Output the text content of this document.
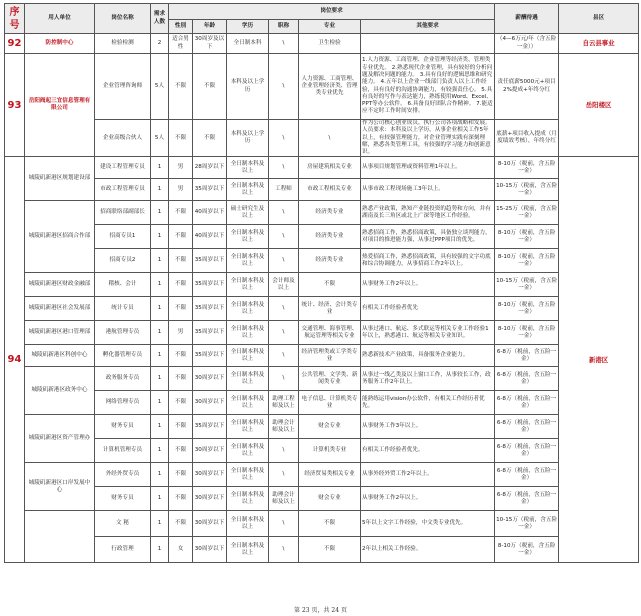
序号	用人单位	岗位名称	需求人数	岗位要求						薪酬待遇	县区
				性别	年龄	学历	职称	专业	其他要求		
92	防控制中心	检验检测	2	适合男性	30周岁及以下	全日制本科	\	卫生检验		（4—6万元/年（含五险一金））	自云县事业
93	岳阳阀起三宜信息管理有限公司	企业管理咨询师	5人	不限	不限	本科及以上学历	\	人力资源、工商管理、企业管理经济类、管理类专业优先	1.人力资源、工商管理、企业管理等经济类、管理类专业优先。 2.熟悉现代企业管理，具有较好的分析问题及解决问题的能力。 3.具有良好的逻辑思维和研究能力。 4.五年以上企业一线部门负责人以上工作经验，具有良好的沟通协调能力，有较强责任心。 5.具有良好的写作与表达能力，熟练使用Word、Excel、PPT等办公软件。 6.具备良好团队合作精神。 7.能适应不定时工作时间安排。	责任底薪5000元+项目2%提成+年终分红	岳阳楼区
		企业高级合伙人	5人	不限	不限	本科及以上学历	\	\	作为公司核心创业成员，执行公司各项战略和发展。人员要求：本科及以上学历，从事企业相关工作5年以上，有较强管理能力，对企业管理实践有深刻理解，熟悉各类管理工具，有较强的学习能力和创新意识。	底薪+项目收入提成（月度绩效考核），年终分红	
94	城陵矶新港区规划建设部	建设工程管理专员	1	男	28周岁以下	全日制本科及以上	\	房屋建筑相关专业	从事项目规划管理或资料管理1年以上。	8-10万（税前，含五险一金）	新港区
		市政工程管理专员	1	男	35周岁以下	全日制本科及以上	工程师	市政工程相关专业	从事市政工程现场施工3年以上。	10-15万（税前，含五险一金）	
	城陵矶新港区招商合作部	招商联络部副部长	1	不限	40周岁以下	硕士研究生及以上	\	经济类专业	熟悉产业政策，熟知产业链投资的趋势和方向，并有湖南及长三角区或北上广深等地区工作经验。	15-25万（税前，含五险一金）	
		招商专员1	1	不限	40周岁以下	全日制本科及以上	\	经济类专业	熟悉招商工作，熟悉招商政策，具备独立谈判能力，对项目的推进能力强，从事过PPP项目的优先。	8-10万（税前，含五险一金）	
		招商专员2	1	不限	35周岁以下	全日制本科及以上	\	经济类专业	热爱招商工作，熟悉招商政策，具有较强的文字功底和综合协调能力，从事招商工作2年以上。	8-10万（税前，含五险一金）	
	城陵矶新港区财政金融部	稽核、会计	1	不限	35周岁以下	全日制本科及以上	会计师及以上	不限	从事财务工作2年以上。	10-15万（税前，含五险一金）	
	城陵矶新港区社会发展部	统计专员	1	不限	35周岁以下	全日制本科及以上	\	统计、经济、会计类专业	有相关工作经验者优先	8-10万（税前，含五险一金）	
	城陵矶新港区港口管理部	港航管理专员	1	男	35周岁以下	全日制本科及以上	\	交通管理、海事管理、航运管理等相关专业	从事过港口、航运、多式联运等相关专业工作经验1年以上，熟悉港口、航运等相关专业知识。	8-10万（税前，含五险一金）	
	城陵矶新港区科创中心	孵化器管理专员	1	不限	35周岁以下	全日制本科及以上	\	经济管理类或工学类专业	熟悉新技术产业政策，具备服务企业能力。	6-8万（税前，含五险一金）	
	城陵矶新港区政务中心	政务服务专员	1	不限	30周岁以下	全日制本科及以上	\	公共管理、文学类、新闻类专业	从事过一线乙类及以上窗口工作，从事较长工作，政务服务工作2年以上。	6-8万（税前，含五险一金）	
		网络管理专员	1	不限	30周岁以下	全日制本科及以上	助理工程师及以上	电子信息、计算机类专业	能熟练运用vision办公软件，有相关工作经历者优先。	6-8万（税前，含五险一金）	
	城陵矶新港区资产管理办	财务专员	1	不限	35周岁以下	全日制本科及以上	助理会计师及以上	财会专业	从事财务工作3年以上。	6-8万（税前，含五险一金）	
		计算机管理专员	1	不限	30周岁以下	全日制本科及以上	\	计算机类专业	有相关工作经验者优先。	6-8万（税前，含五险一金）	
	城陵矶新港区口岸发展中心	外经外贸专员	1	不限	30周岁以下	全日制本科及以上	\	经济贸易类相关专业	从事外经外贸工作2年以上。	6-8万（税前，含五险一金）	
		财务专员	1	不限	30周岁以下	全日制本科及以上	助理会计师及以上	财会专业	从事财务工作2年以上。	6-8万（税前，含五险一金）	
		文 秘	1	不限	30周岁以下	全日制本科及以上	\	不限	5年以上文字工作经验，中文类专业优先。	10-15万（税前，含五险一金）	
		行政管理	1	女	30周岁以下	全日制本科及以上	\	不限	2年以上相关工作经验。	8-10万（税前，含五险一金）	
第 23 页，共 24 页
